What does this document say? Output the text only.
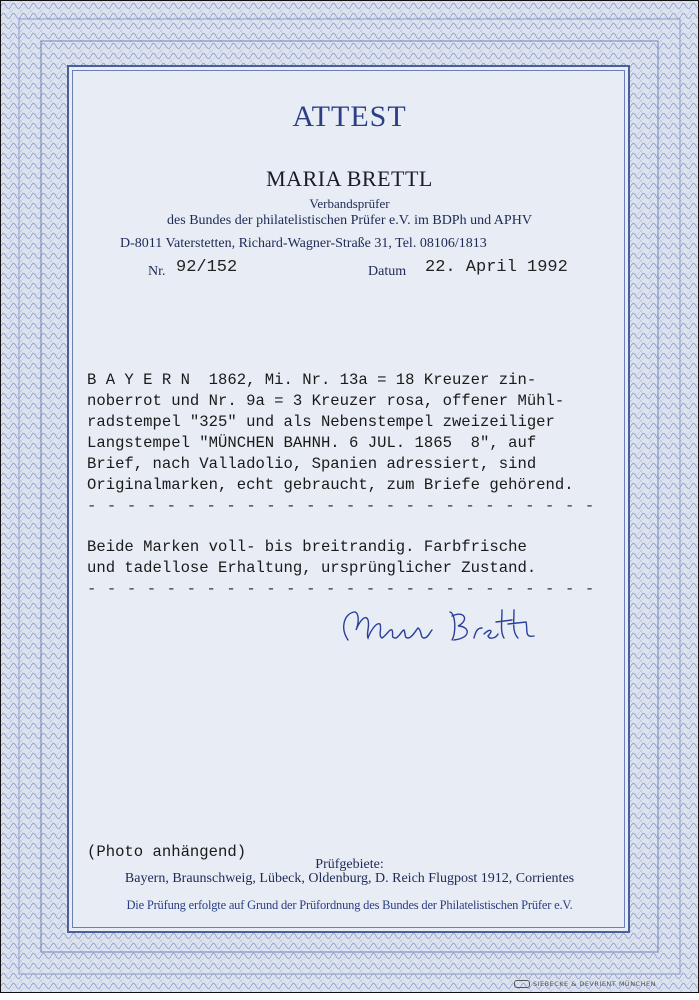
ATTEST
MARIA BRETTL
Verbandsprüfer
des Bundes der philatelistischen Prüfer e.V. im BDPh und APHV
D-8011 Vaterstetten, Richard-Wagner-Straße 31, Tel. 08106/1813
Nr. 92/152	Datum 22. April 1992
B A Y E R N  1862, Mi. Nr. 13a = 18 Kreuzer zin-
noberrot und Nr. 9a = 3 Kreuzer rosa, offener Mühl-
radstempel "325" und als Nebenstempel zweizeiliger
Langstempel "MÜNCHEN BAHNH. 6 JUL. 1865  8", auf
Brief, nach Valladolio, Spanien adressiert, sind
Originalmarken, echt gebraucht, zum Briefe gehörend.
- - - - - - - - - - - - - - - - - - - - - - - - - -
Beide Marken voll- bis breitrandig. Farbfrische
und tadellose Erhaltung, ursprünglicher Zustand.
- - - - - - - - - - - - - - - - - - - - - - - - - -
(Photo anhängend)
Prüfgebiete:
Bayern, Braunschweig, Lübeck, Oldenburg, D. Reich Flugpost 1912, Corrientes
Die Prüfung erfolgte auf Grund der Prüfordnung des Bundes der Philatelistischen Prüfer e.V.
SIEBECKE & DEVRIENT MÜNCHEN
